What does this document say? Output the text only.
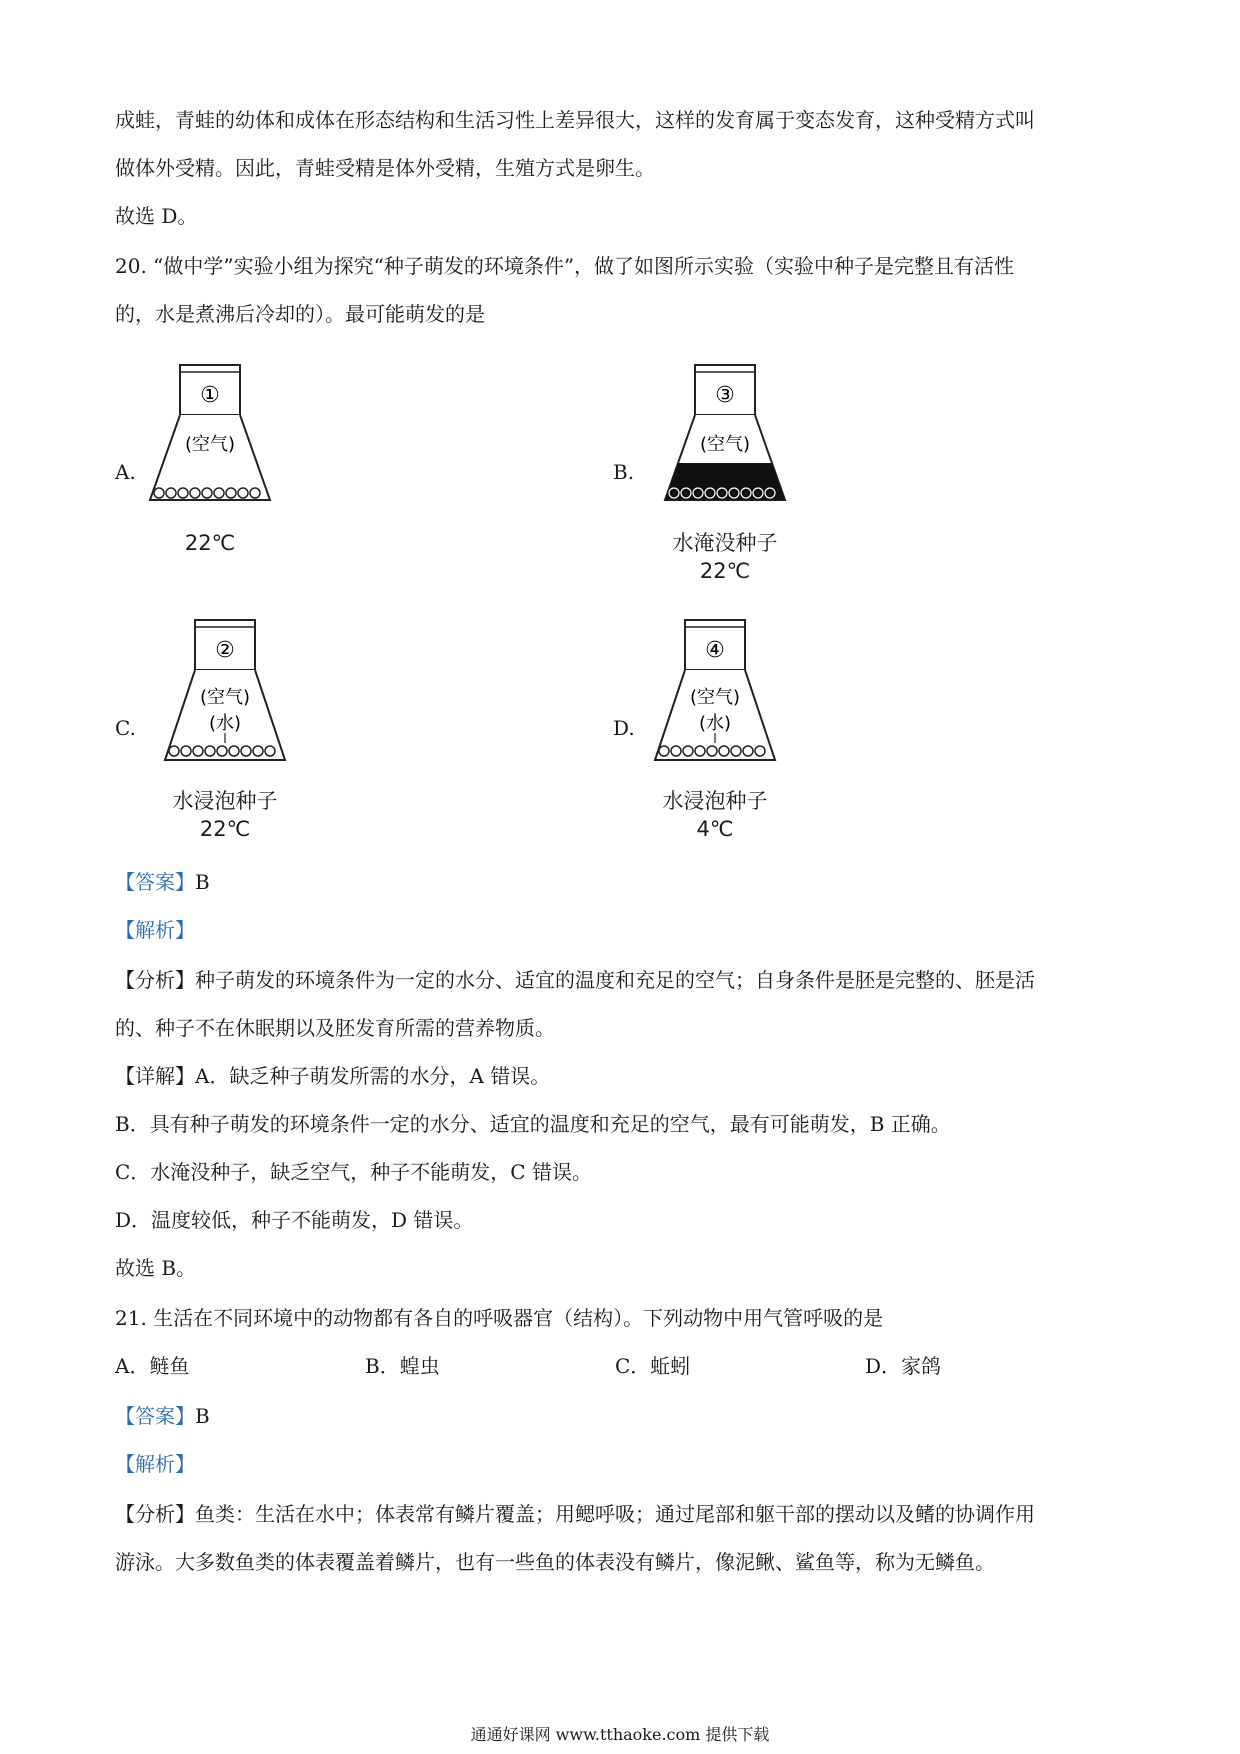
成蛙，青蛙的幼体和成体在形态结构和生活习性上差异很大，这样的发育属于变态发育，这种受精方式叫
做体外受精。因此，青蛙受精是体外受精，生殖方式是卵生。
故选 D。
20. “做中学”实验小组为探究“种子萌发的环境条件”，做了如图所示实验（实验中种子是完整且有活性
的，水是煮沸后冷却的）。最可能萌发的是
A.
①
(空气)
22℃
B.
③
(空气)
水淹没种子
22℃
C.
②
(空气)
(水)
水浸泡种子
22℃
D.
④
(空气)
(水)
水浸泡种子
4℃
【答案】B
【解析】
【分析】种子萌发的环境条件为一定的水分、适宜的温度和充足的空气；自身条件是胚是完整的、胚是活
的、种子不在休眠期以及胚发育所需的营养物质。
【详解】A．缺乏种子萌发所需的水分，A 错误。
B．具有种子萌发的环境条件一定的水分、适宜的温度和充足的空气，最有可能萌发，B 正确。
C．水淹没种子，缺乏空气，种子不能萌发，C 错误。
D．温度较低，种子不能萌发，D 错误。
故选 B。
21. 生活在不同环境中的动物都有各自的呼吸器官（结构）。下列动物中用气管呼吸的是
A．鲢鱼	B．蝗虫	C．蚯蚓	D．家鸽
【答案】B
【解析】
【分析】鱼类：生活在水中；体表常有鳞片覆盖；用鳃呼吸；通过尾部和躯干部的摆动以及鳍的协调作用
游泳。大多数鱼类的体表覆盖着鳞片，也有一些鱼的体表没有鳞片，像泥鳅、鲨鱼等，称为无鳞鱼。
通通好课网 www.tthaoke.com 提供下载
